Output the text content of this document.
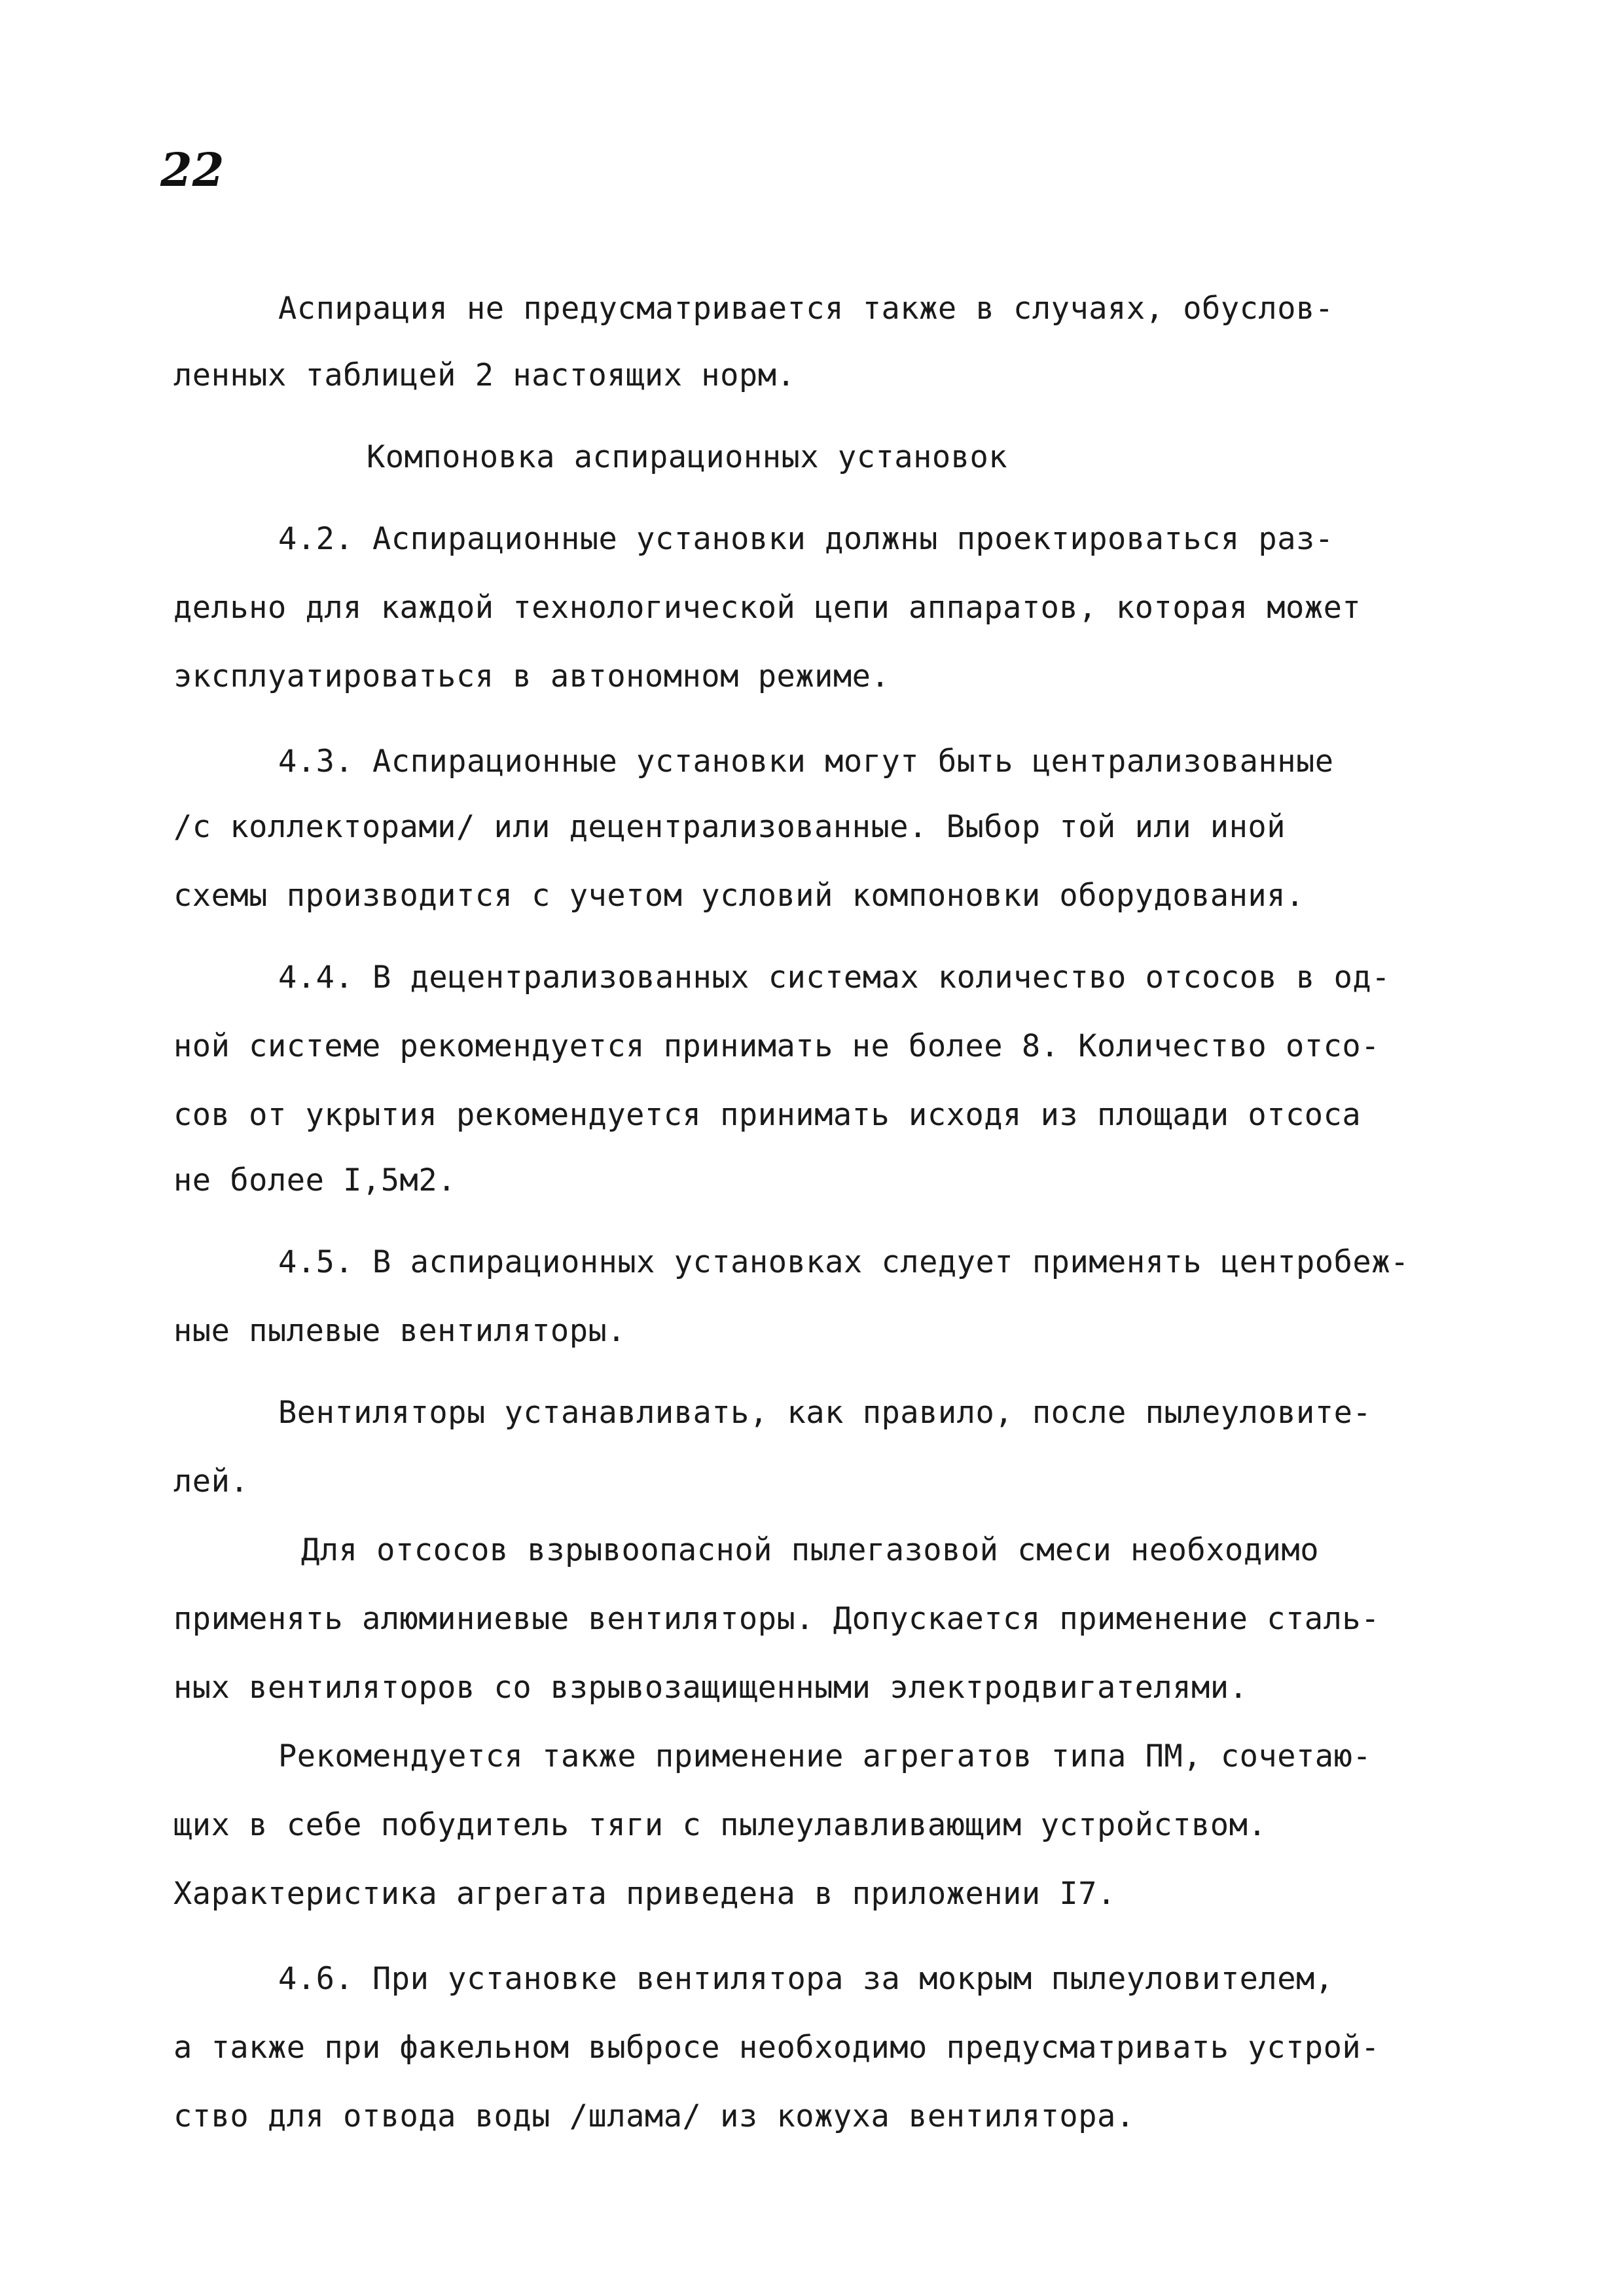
22
Аспирация не предусматривается также в случаях, обуслов-
ленных таблицей 2 настоящих норм.
Компоновка аспирационных установок
4.2. Аспирационные установки должны проектироваться раз-
дельно для каждой технологической цепи аппаратов, которая может
эксплуатироваться в автономном режиме.
4.3. Аспирационные установки могут быть централизованные
/с коллекторами/ или децентрализованные. Выбор той или иной
схемы производится с учетом условий компоновки оборудования.
4.4. В децентрализованных системах количество отсосов в од-
ной системе рекомендуется принимать не более 8. Количество отсо-
сов от укрытия рекомендуется принимать исходя из площади отсоса
не более I,5м2.
4.5. В аспирационных установках следует применять центробеж-
ные пылевые вентиляторы.
Вентиляторы устанавливать, как правило, после пылеуловите-
лей.
Для отсосов взрывоопасной пылегазовой смеси необходимо
применять алюминиевые вентиляторы. Допускается применение сталь-
ных вентиляторов со взрывозащищенными электродвигателями.
Рекомендуется также применение агрегатов типа ПМ, сочетаю-
щих в себе побудитель тяги с пылеулавливающим устройством.
Характеристика агрегата приведена в приложении I7.
4.6. При установке вентилятора за мокрым пылеуловителем,
а также при факельном выбросе необходимо предусматривать устрой-
ство для отвода воды /шлама/ из кожуха вентилятора.
